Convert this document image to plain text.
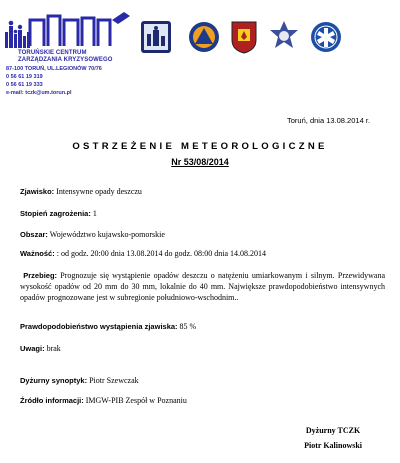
TORUŃSKIE CENTRUM
ZARZĄDZANIA KRYZYSOWEGO
87-100 TORUŃ, UL.LEGIONÓW 70/76
0 56 61 19 319
0 56 61 19 333
e-mail: tczk@um.torun.pl
Toruń, dnia 13.08.2014 r.
OSTRZEŻENIE METEOROLOGICZNE
Nr 53/08/2014
Zjawisko: Intensywne opady deszczu
Stopień zagrożenia: 1
Obszar: Województwo kujawsko-pomorskie
Ważność: : od godz. 20:00 dnia 13.08.2014 do godz. 08:00 dnia 14.08.2014
Przebieg: Prognozuje się wystąpienie opadów deszczu o natężeniu umiarkowanym i silnym. Przewidywana wysokość opadów od 20 mm do 30 mm, lokalnie do 40 mm. Największe prawdopodobieństwo intensywnych opadów prognozowane jest w subregionie południowo-wschodnim..
Prawdopodobieństwo wystąpienia zjawiska: 85 %
Uwagi: brak
Dyżurny synoptyk: Piotr Szewczak
Źródło informacji: IMGW-PIB Zespół w Poznaniu
Dyżurny TCZK
Piotr Kalinowski
